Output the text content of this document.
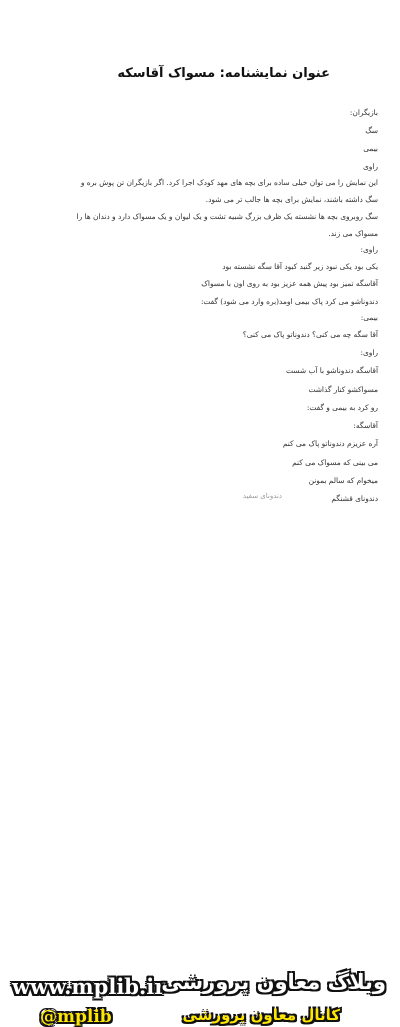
عنوان نمایشنامه: مسواک آقاسکه
بازیگران:
سگ
بیمی
راوی
این نمایش را می توان خیلی ساده برای بچه های مهد کودک اجرا کرد. اگر بازیگران تن پوش بره و
سگ داشته باشند، نمایش برای بچه ها جالب تر می شود.
سگ روبروی بچه ها نشسته یک ظرف بزرگ شبیه تشت و یک لیوان و یک مسواک دارد و دندان ها را
مسواک می زند.
راوی:
یکی بود یکی نبود زیر گنبد کبود آقا سگه نشسته بود
آقاسگه تمیز بود پیش همه عزیز بود به روی اون با مسواک
دندوناشو می کرد پاک بیمی اومد(بره وارد می شود) گفت:
بیمی:
آقا سگه چه می کنی؟ دندوناتو پاک می کنی؟
راوی:
آقاسگه دندوناشو با آب شست
مسواکشو کنار گذاشت
رو کرد به بیمی و گفت:
آقاسگه:
آره عزیزم دندوناتو پاک می کنم
می بینی که مسواک می کنم
میخوام که سالم بمونن
دندونای قشنگم
دندونای سفید
www.mplib.ir
@mplib
وبلاگ معاون پرورشی
کانال معاون پرورشی
